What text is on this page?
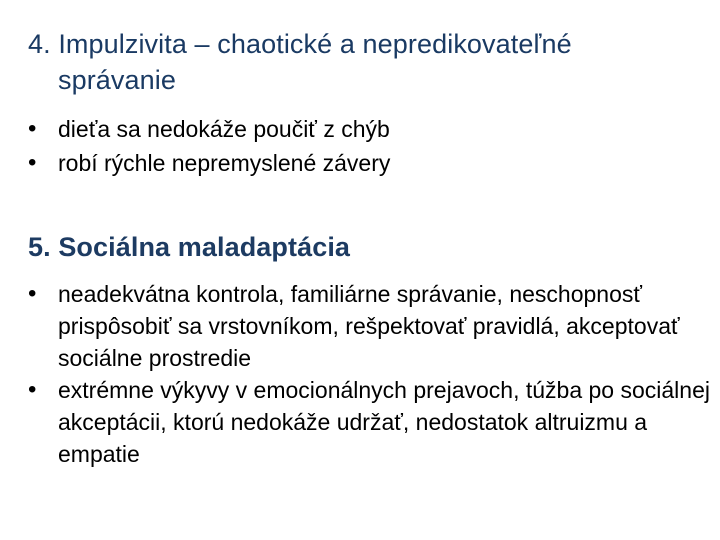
4. Impulzivita – chaotické a nepredikovateľné
správanie
• dieťa sa nedokáže poučiť z chýb
• robí rýchle nepremyslené závery
5. Sociálna maladaptácia
• neadekvátna kontrola, familiárne správanie, neschopnosť prispôsobiť sa vrstovníkom, rešpektovať pravidlá, akceptovať sociálne prostredie
• extrémne výkyvy v emocionálnych prejavoch, túžba po sociálnej akceptácii, ktorú nedokáže udržať, nedostatok altruizmu a empatie
